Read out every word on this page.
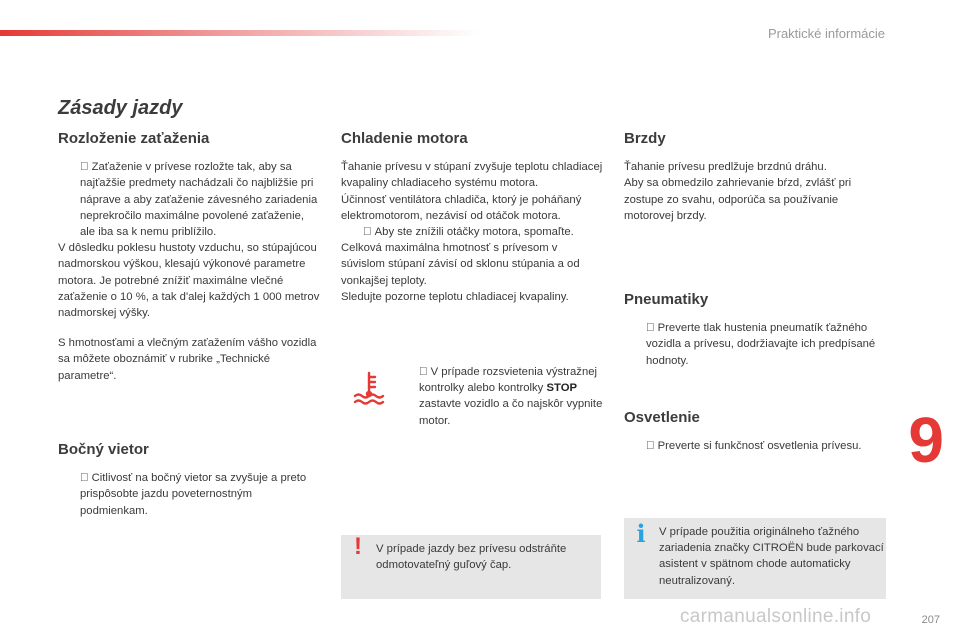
Praktické informácie
Zásady jazdy
Rozloženie zaťaženia

Zaťaženie v prívese rozložte tak, aby sa najťažšie predmety nachádzali čo najbližšie pri náprave a aby zaťaženie závesného zariadenia neprekročilo maximálne povolené zaťaženie, ale iba sa k nemu priblížilo.
V dôsledku poklesu hustoty vzduchu, so stúpajúcou nadmorskou výškou, klesajú výkonové parametre motora. Je potrebné znížiť maximálne vlečné zaťaženie o 10 %, a tak d'alej každých 1 000 metrov nadmorskej výšky.
S hmotnosťami a vlečným zaťažením vášho vozidla sa môžete oboznámiť v rubrike „Technické parametre“.
Bočný vietor

Citlivosť na bočný vietor sa zvyšuje a preto prispôsobte jazdu poveternostným podmienkam.
Chladenie motora
Ťahanie prívesu v stúpaní zvyšuje teplotu chladiacej kvapaliny chladiaceho systému motora.
Účinnosť ventilátora chladiča, ktorý je poháňaný elektromotorom, nezávisí od otáčok motora.

Aby ste znížili otáčky motora, spomaľte.
Celková maximálna hmotnosť s prívesom v súvislom stúpaní závisí od sklonu stúpania a od vonkajšej teploty.
Sledujte pozorne teplotu chladiacej kvapaliny.

V prípade rozsvietenia výstražnej kontrolky alebo kontrolky STOP zastavte vozidlo a čo najskôr vypnite motor.
Brzdy
Ťahanie prívesu predlžuje brzdnú dráhu.
Aby sa obmedzilo zahrievanie bŕzd, zvlášť pri zostupe zo svahu, odporúča sa používanie motorovej brzdy.
Pneumatiky

Preverte tlak hustenia pneumatík ťažného vozidla a prívesu, dodržiavajte ich predpísané hodnoty.
Osvetlenie

Preverte si funkčnosť osvetlenia prívesu.
!	V prípade jazdy bez prívesu odstráňte odmotovateľný guľový čap.
i	V prípade použitia originálneho ťažného zariadenia značky CITROËN bude parkovací asistent v spätnom chode automaticky neutralizovaný.
9
207
carmanualsonline.info
